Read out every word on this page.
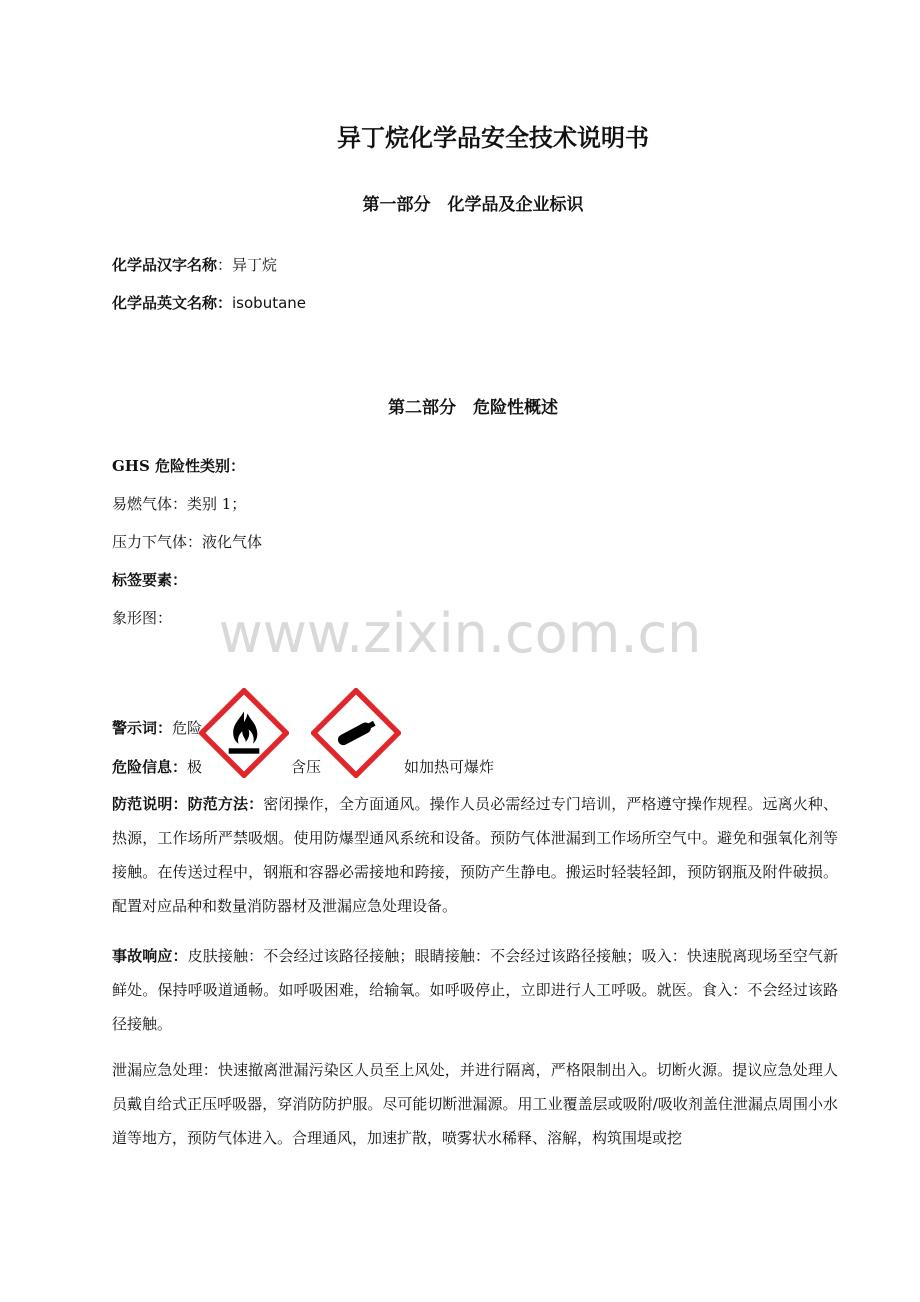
异丁烷化学品安全技术说明书
第一部分　化学品及企业标识
化学品汉字名称：异丁烷
化学品英文名称：isobutane
第二部分　危险性概述
GHS 危险性类别：
易燃气体：类别 1；
压力下气体：液化气体
标签要素：
象形图： www.zixin.com.cn
警示词：危险
危险信息：极	含压	如加热可爆炸
防范说明：防范方法：密闭操作，全方面通风。操作人员必需经过专门培训，严格遵守操作规程。远离火种、热源，工作场所严禁吸烟。使用防爆型通风系统和设备。预防气体泄漏到工作场所空气中。避免和强氧化剂等接触。在传送过程中，钢瓶和容器必需接地和跨接，预防产生静电。搬运时轻装轻卸，预防钢瓶及附件破损。配置对应品种和数量消防器材及泄漏应急处理设备。
事故响应：皮肤接触：不会经过该路径接触；眼睛接触：不会经过该路径接触；吸入：快速脱离现场至空气新鲜处。保持呼吸道通畅。如呼吸困难，给输氧。如呼吸停止，立即进行人工呼吸。就医。食入：不会经过该路径接触。
泄漏应急处理：快速撤离泄漏污染区人员至上风处，并进行隔离，严格限制出入。切断火源。提议应急处理人员戴自给式正压呼吸器，穿消防防护服。尽可能切断泄漏源。用工业覆盖层或吸附/吸收剂盖住泄漏点周围小水道等地方，预防气体进入。合理通风，加速扩散，喷雾状水稀释、溶解，构筑围堤或挖
